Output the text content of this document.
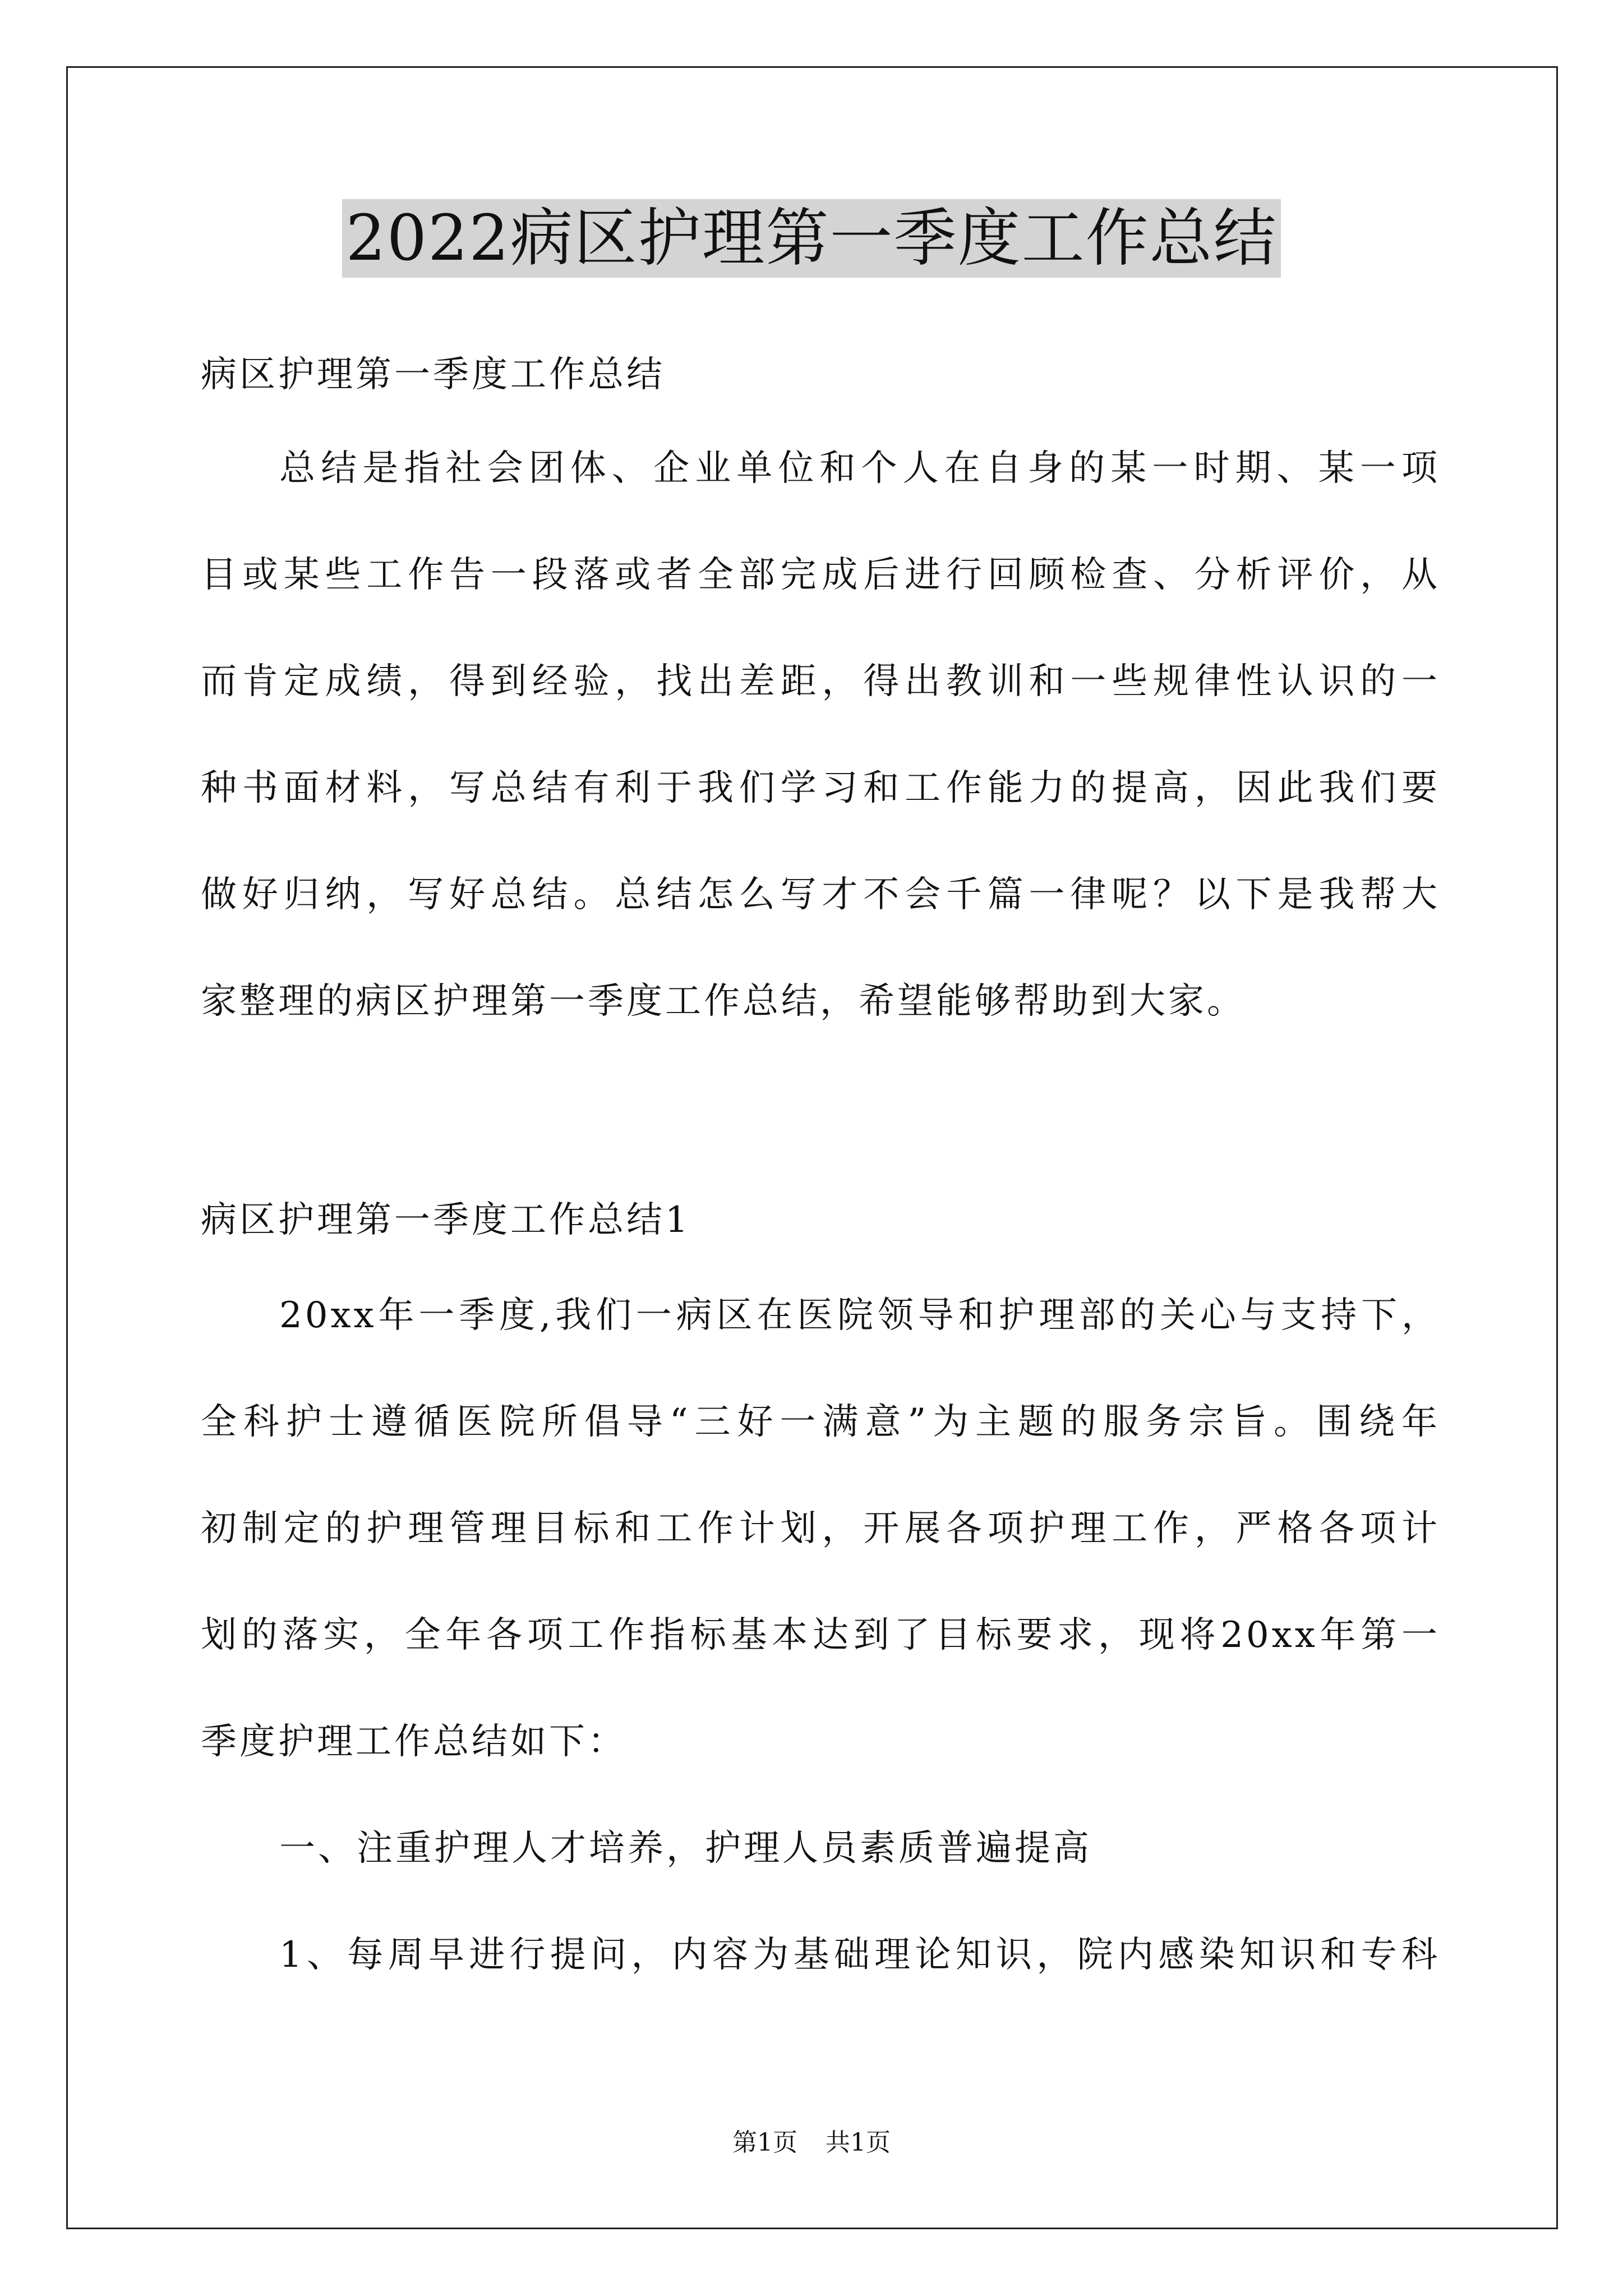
2022病区护理第一季度工作总结
病区护理第一季度工作总结
总结是指社会团体、企业单位和个人在自身的某一时期、某一项
目或某些工作告一段落或者全部完成后进行回顾检查、分析评价，从
而肯定成绩，得到经验，找出差距，得出教训和一些规律性认识的一
种书面材料，写总结有利于我们学习和工作能力的提高，因此我们要
做好归纳，写好总结。总结怎么写才不会千篇一律呢？以下是我帮大
家整理的病区护理第一季度工作总结，希望能够帮助到大家。
病区护理第一季度工作总结1
20xx年一季度,我们一病区在医院领导和护理部的关心与支持下，
全科护士遵循医院所倡导“三好一满意”为主题的服务宗旨。围绕年
初制定的护理管理目标和工作计划，开展各项护理工作，严格各项计
划的落实，全年各项工作指标基本达到了目标要求，现将20xx年第一
季度护理工作总结如下：
一、注重护理人才培养，护理人员素质普遍提高
1、每周早进行提问，内容为基础理论知识，院内感染知识和专科
第1页 共1页
